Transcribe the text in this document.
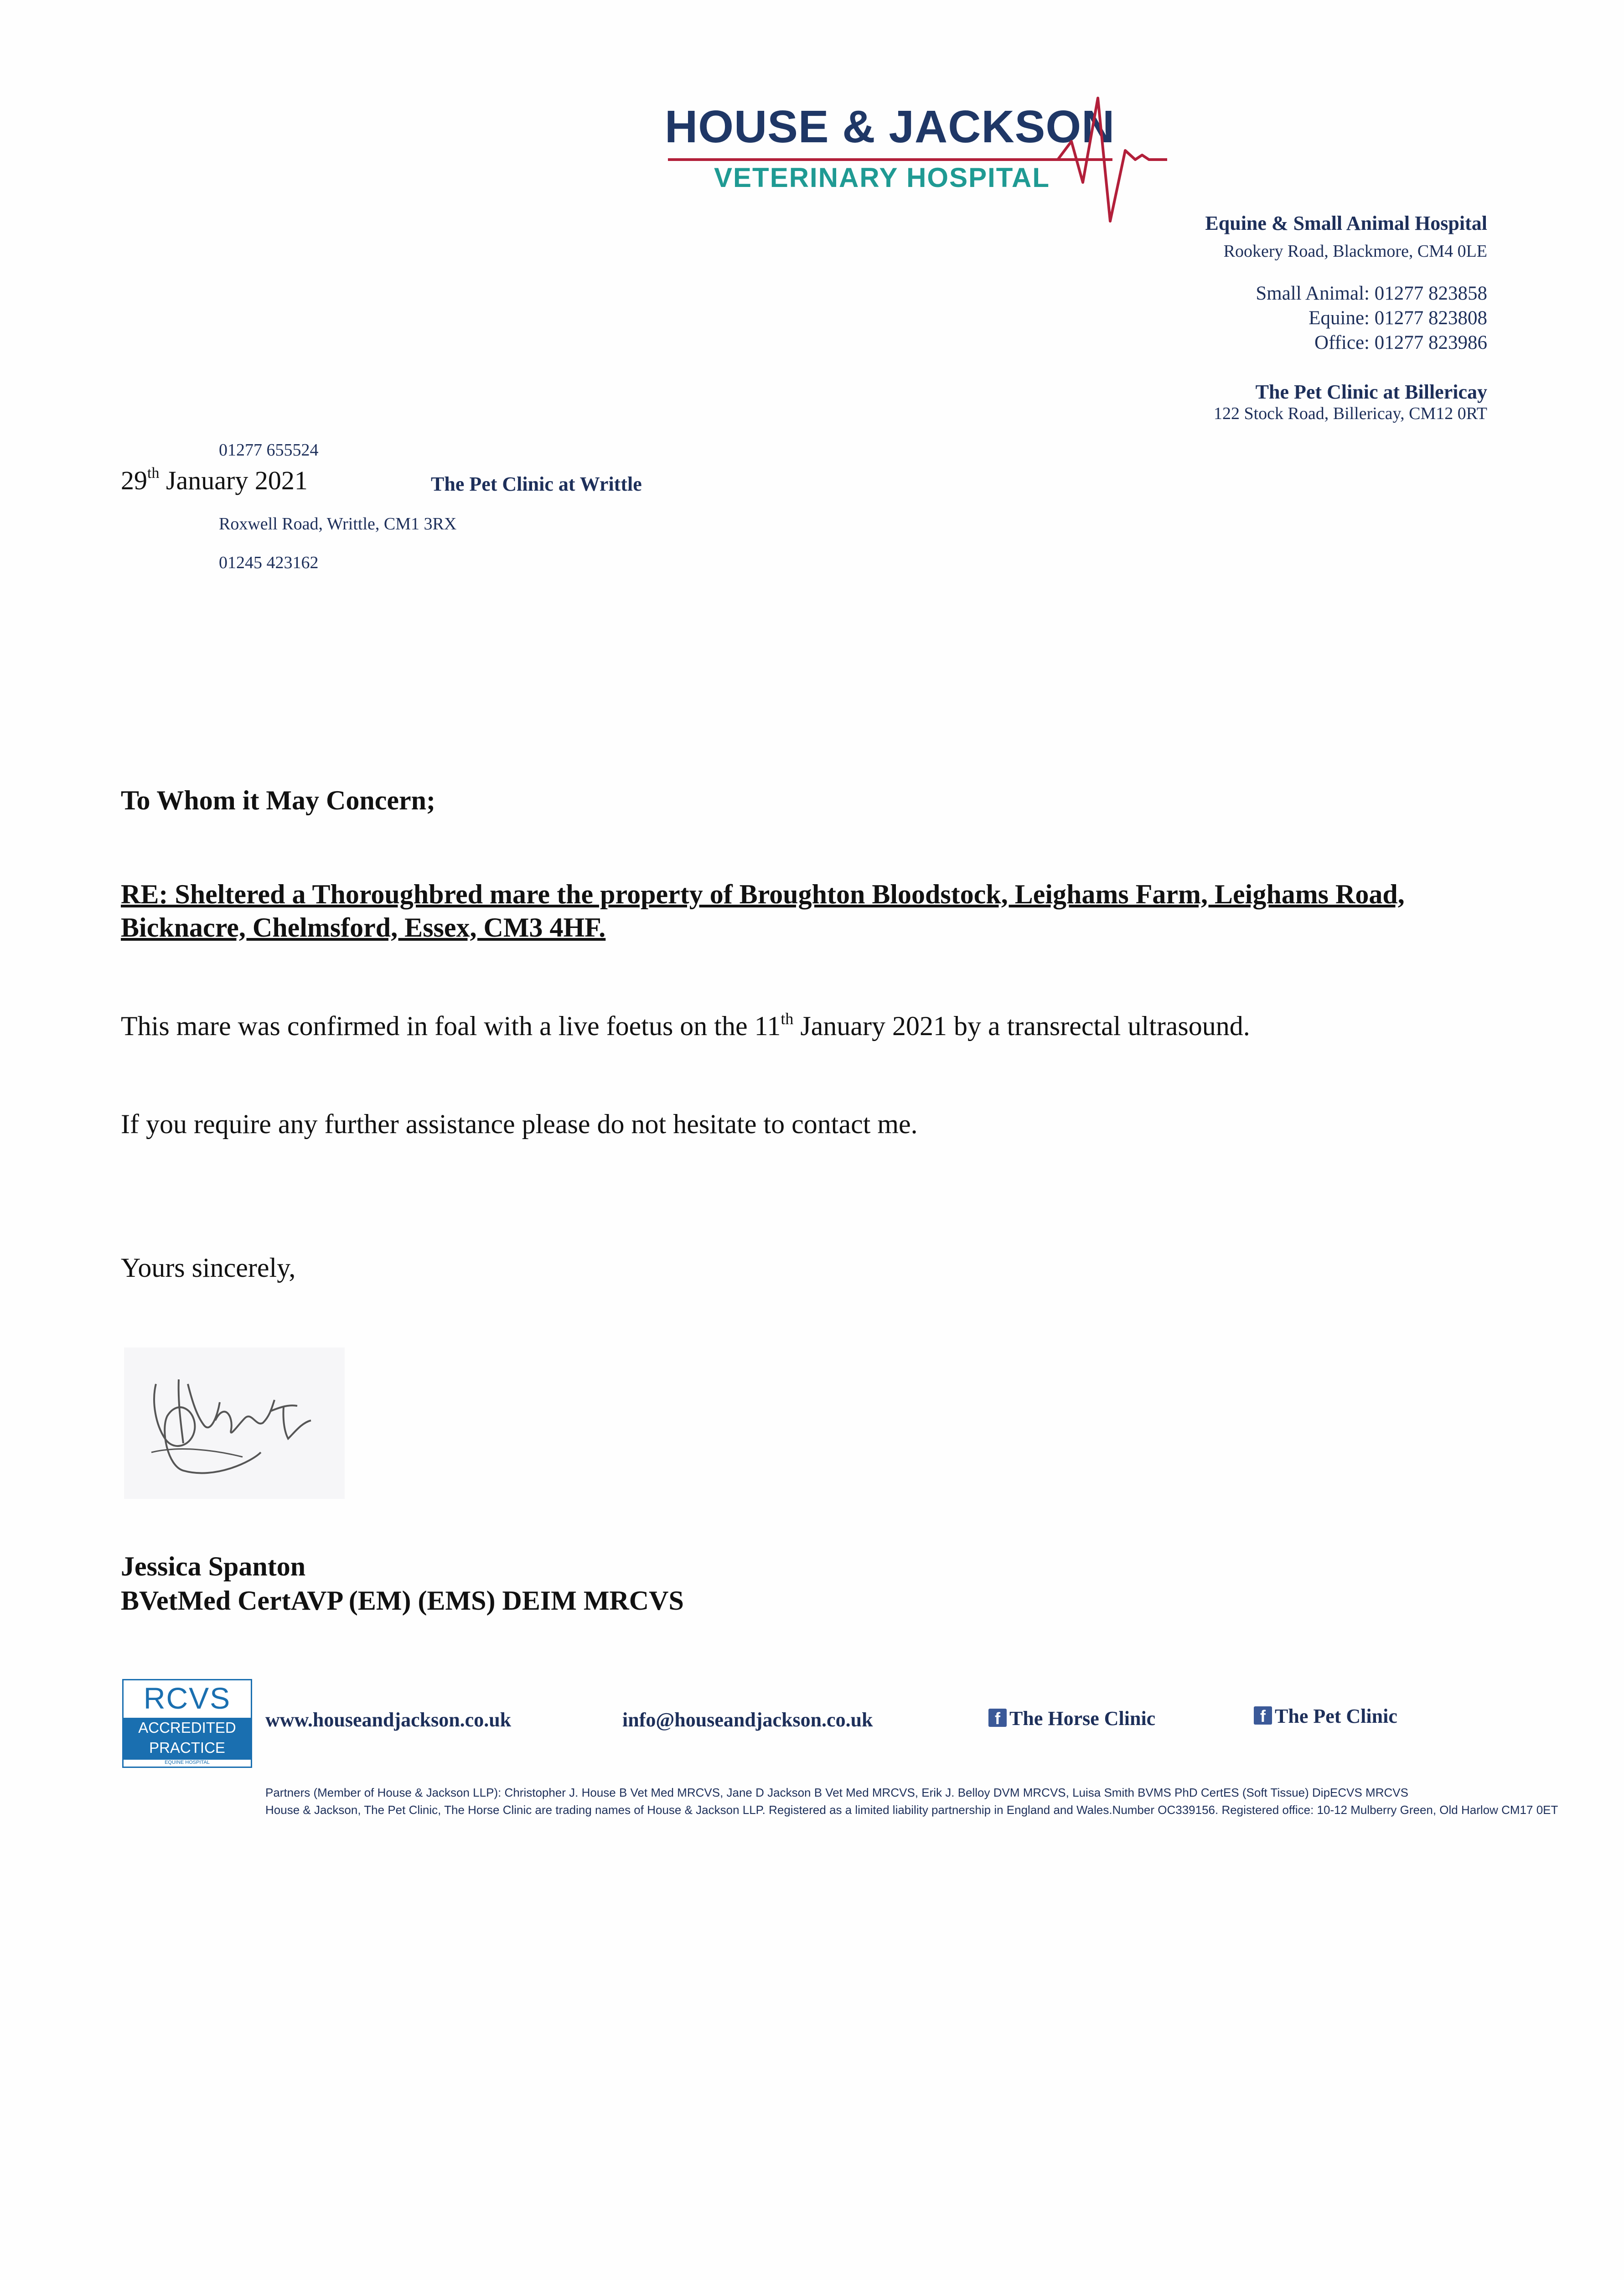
HOUSE & JACKSON
VETERINARY HOSPITAL
Equine & Small Animal Hospital
Rookery Road, Blackmore, CM4 0LE
Small Animal: 01277 823858
Equine: 01277 823808
Office: 01277 823986
The Pet Clinic at Billericay
122 Stock Road, Billericay, CM12 0RT
01277 655524
29th January 2021	The Pet Clinic at Writtle
Roxwell Road, Writtle, CM1 3RX
01245 423162
To Whom it May Concern;
RE: Sheltered a Thoroughbred mare the property of Broughton Bloodstock, Leighams Farm, Leighams Road, Bicknacre, Chelmsford, Essex, CM3 4HF.
This mare was confirmed in foal with a live foetus on the 11th January 2021 by a transrectal ultrasound.
If you require any further assistance please do not hesitate to contact me.
Yours sincerely,
Jessica Spanton
BVetMed CertAVP (EM) (EMS) DEIM MRCVS
RCVS
ACCREDITED
PRACTICE
EQUINE HOSPITAL
www.houseandjackson.co.uk	info@houseandjackson.co.uk	f The Horse Clinic	f The Pet Clinic
Partners (Member of House & Jackson LLP): Christopher J. House B Vet Med MRCVS, Jane D Jackson B Vet Med MRCVS, Erik J. Belloy DVM MRCVS, Luisa Smith BVMS PhD CertES (Soft Tissue) DipECVS MRCVS
House & Jackson, The Pet Clinic, The Horse Clinic are trading names of House & Jackson LLP. Registered as a limited liability partnership in England and Wales.Number OC339156. Registered office: 10-12 Mulberry Green, Old Harlow CM17 0ET
